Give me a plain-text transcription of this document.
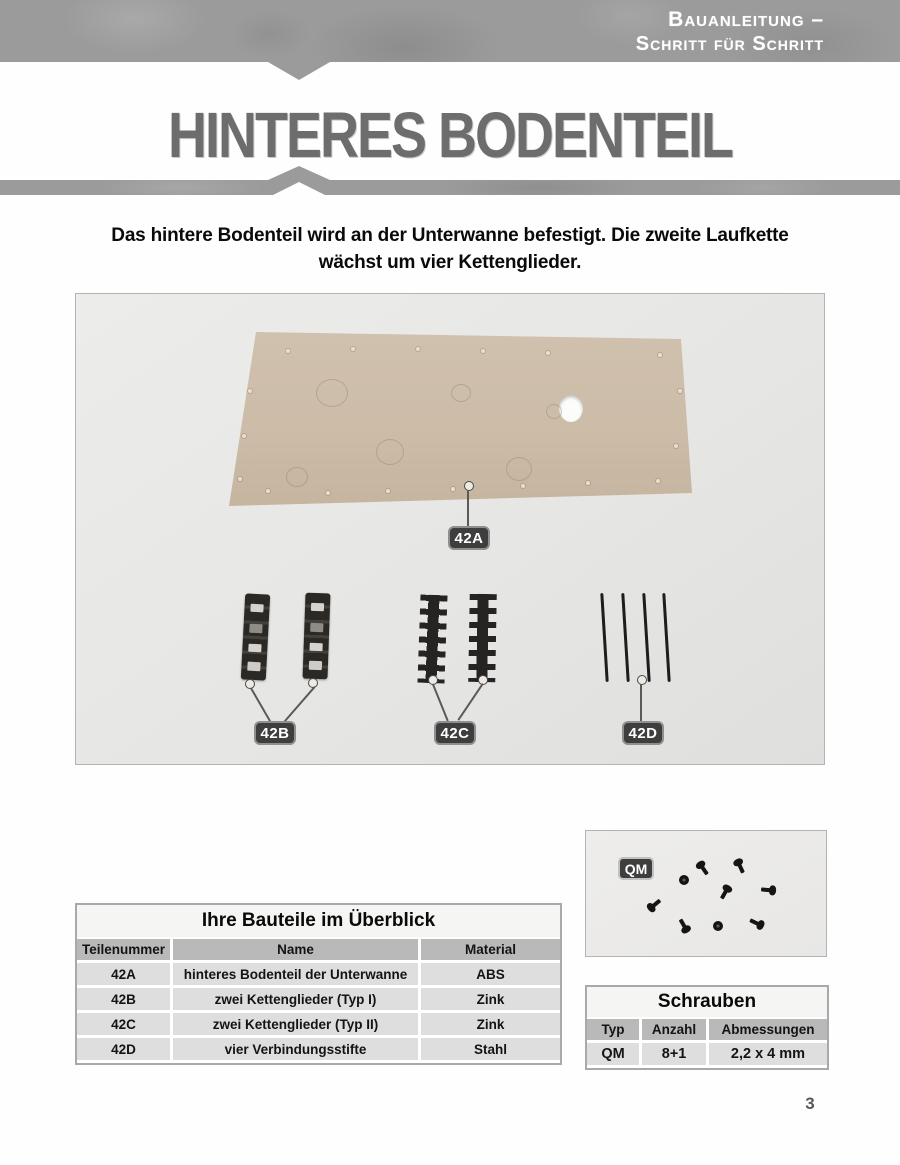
Bauanleitung –
Schritt für Schritt
HINTERES BODENTEIL
Das hintere Bodenteil wird an der Unterwanne befestigt. Die zweite Laufkette
wächst um vier Kettenglieder.
42A
42B	42C	42D
QM
Ihre Bauteile im Überblick
Teilenummer	Name	Material
42A	hinteres Bodenteil der Unterwanne	ABS
42B	zwei Kettenglieder (Typ I)	Zink
42C	zwei Kettenglieder (Typ II)	Zink
42D	vier Verbindungsstifte	Stahl
Schrauben
Typ	Anzahl	Abmessungen
QM	8+1	2,2 x 4 mm
3
